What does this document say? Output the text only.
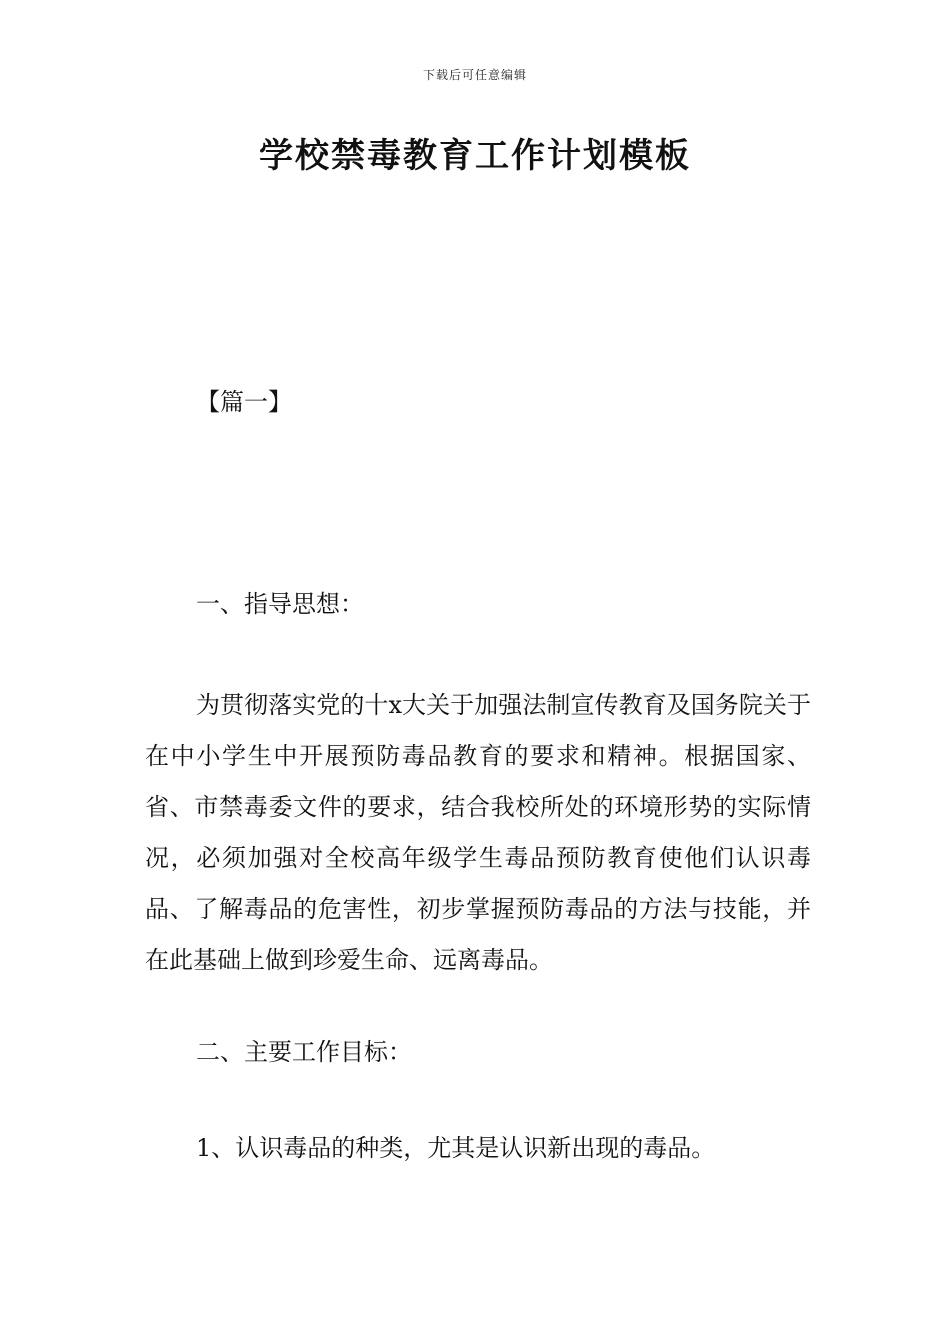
下载后可任意编辑
学校禁毒教育工作计划模板

【篇一】

一、指导思想：

为贯彻落实党的十x大关于加强法制宣传教育及国务院关于在中小学生中开展预防毒品教育的要求和精神。根据国家、省、市禁毒委文件的要求，结合我校所处的环境形势的实际情况，必须加强对全校高年级学生毒品预防教育使他们认识毒品、了解毒品的危害性，初步掌握预防毒品的方法与技能，并在此基础上做到珍爱生命、远离毒品。

二、主要工作目标：

1、认识毒品的种类，尤其是认识新出现的毒品。
